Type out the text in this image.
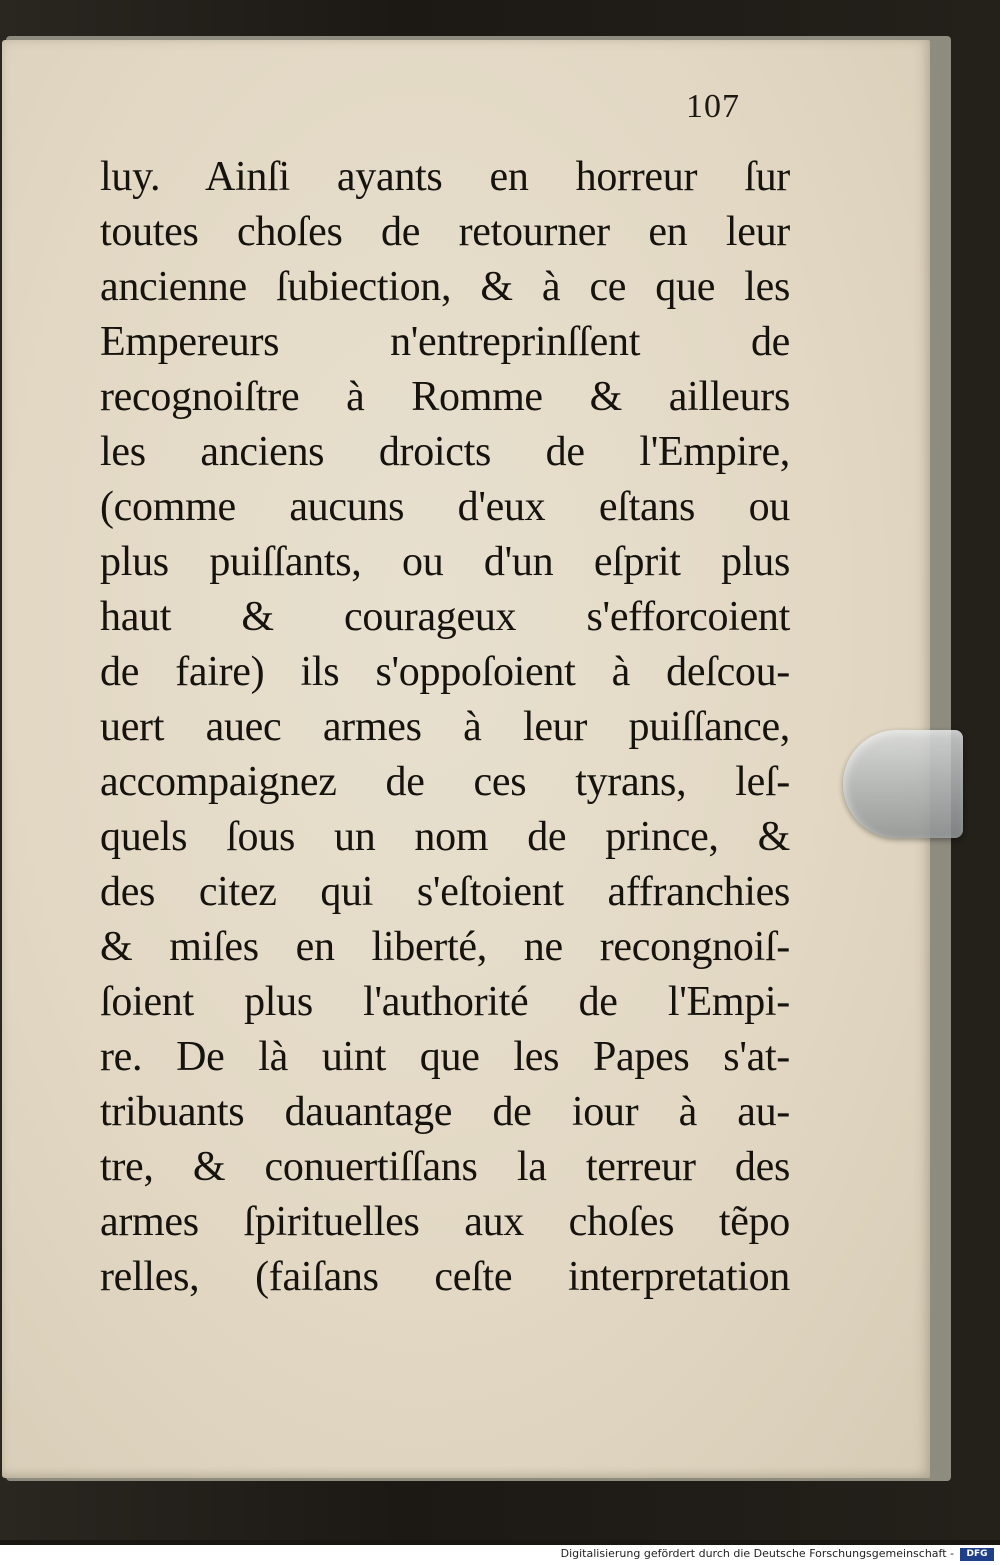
107
luy. Ainſi ayants en horreur ſur
toutes choſes de retourner en leur
ancienne ſubiection, & à ce que les
Empereurs n'entreprinſſent de
recognoiſtre à Romme & ailleurs
les anciens droicts de l'Empire,
(comme aucuns d'eux eſtans ou
plus puiſſants, ou d'un eſprit plus
haut & courageux s'efforcoient
de faire) ils s'oppoſoient à deſcou-
uert auec armes à leur puiſſance,
accompaignez de ces tyrans, leſ-
quels ſous un nom de prince, &
des citez qui s'eſtoient affranchies
& miſes en liberté, ne recongnoiſ-
ſoient plus l'authorité de l'Empi-
re. De là uint que les Papes s'at-
tribuants dauantage de iour à au-
tre, & conuertiſſans la terreur des
armes ſpirituelles aux choſes tẽpo
relles, (faiſans ceſte interpretation
Digitalisierung gefördert durch die Deutsche Forschungsgemeinschaft -	DFG
